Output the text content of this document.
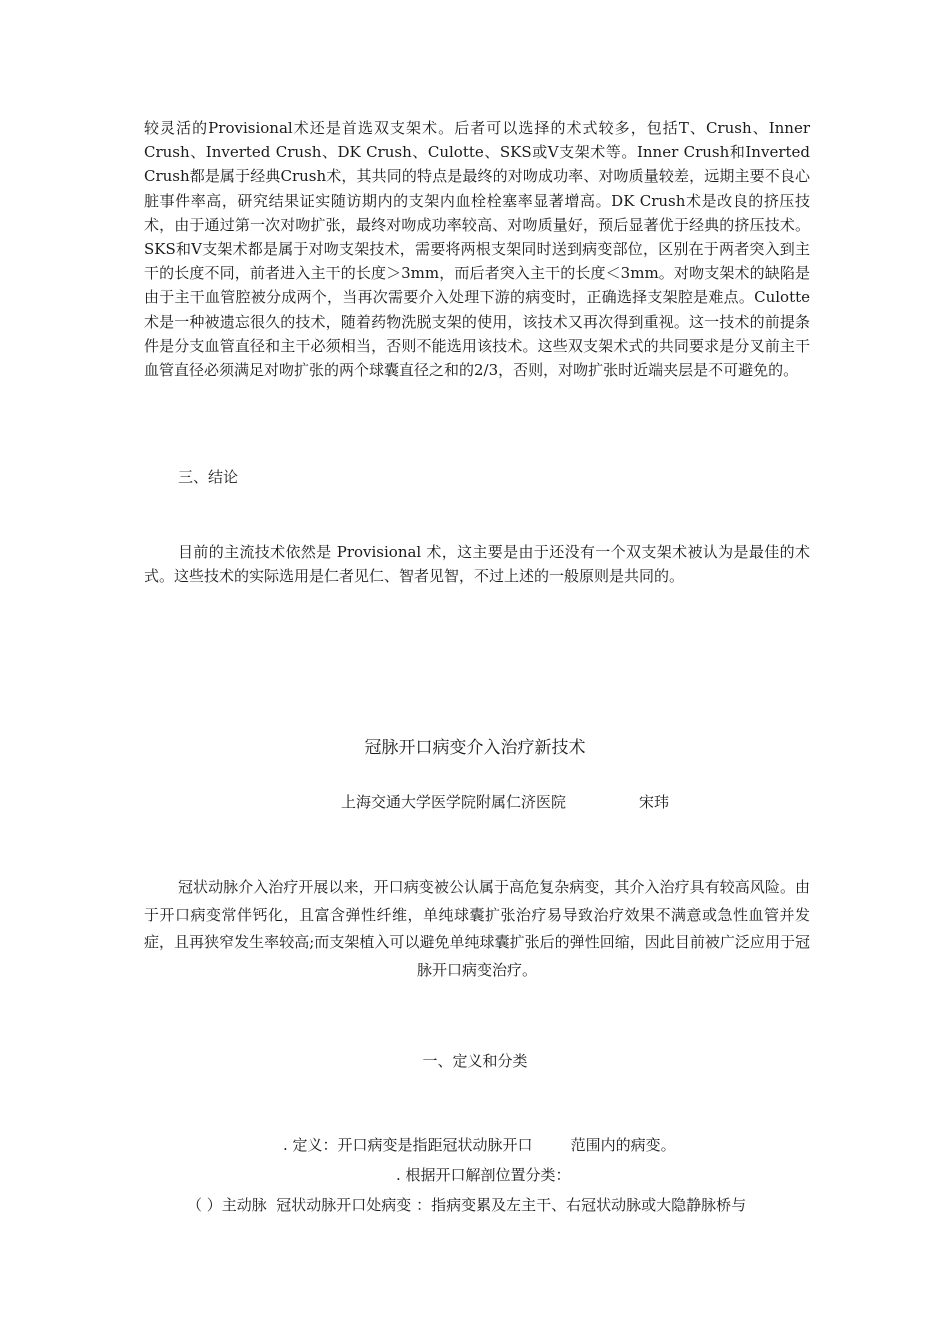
较灵活的Provisional术还是首选双支架术。后者可以选择的术式较多，包括T、Crush、Inner Crush、Inverted Crush、DK Crush、Culotte、SKS或V支架术等。Inner Crush和Inverted Crush都是属于经典Crush术，其共同的特点是最终的对吻成功率、对吻质量较差，远期主要不良心脏事件率高，研究结果证实随访期内的支架内血栓栓塞率显著增高。DK Crush术是改良的挤压技术，由于通过第一次对吻扩张，最终对吻成功率较高、对吻质量好，预后显著优于经典的挤压技术。SKS和V支架术都是属于对吻支架技术，需要将两根支架同时送到病变部位，区别在于两者突入到主干的长度不同，前者进入主干的长度＞3mm，而后者突入主干的长度＜3mm。对吻支架术的缺陷是由于主干血管腔被分成两个，当再次需要介入处理下游的病变时，正确选择支架腔是难点。Culotte 术是一种被遗忘很久的技术，随着药物洗脱支架的使用，该技术又再次得到重视。这一技术的前提条件是分支血管直径和主干必须相当，否则不能选用该技术。这些双支架术式的共同要求是分叉前主干血管直径必须满足对吻扩张的两个球囊直径之和的2/3，否则，对吻扩张时近端夹层是不可避免的。
三、结论
目前的主流技术依然是 Provisional 术，这主要是由于还没有一个双支架术被认为是最佳的术式。这些技术的实际选用是仁者见仁、智者见智，不过上述的一般原则是共同的。
冠脉开口病变介入治疗新技术
上海交通大学医学院附属仁济医院	宋玮
冠状动脉介入治疗开展以来，开口病变被公认属于高危复杂病变，其介入治疗具有较高风险。由于开口病变常伴钙化，且富含弹性纤维，单纯球囊扩张治疗易导致治疗效果不满意或急性血管并发症，且再狭窄发生率较高;而支架植入可以避免单纯球囊扩张后的弹性回缩，因此目前被广泛应用于冠脉开口病变治疗。
一、定义和分类
. 定义：开口病变是指距冠状动脉开口        范围内的病变。
. 根据开口解剖位置分类：
（ ）主动脉  冠状动脉开口处病变 ：指病变累及左主干、右冠状动脉或大隐静脉桥与
